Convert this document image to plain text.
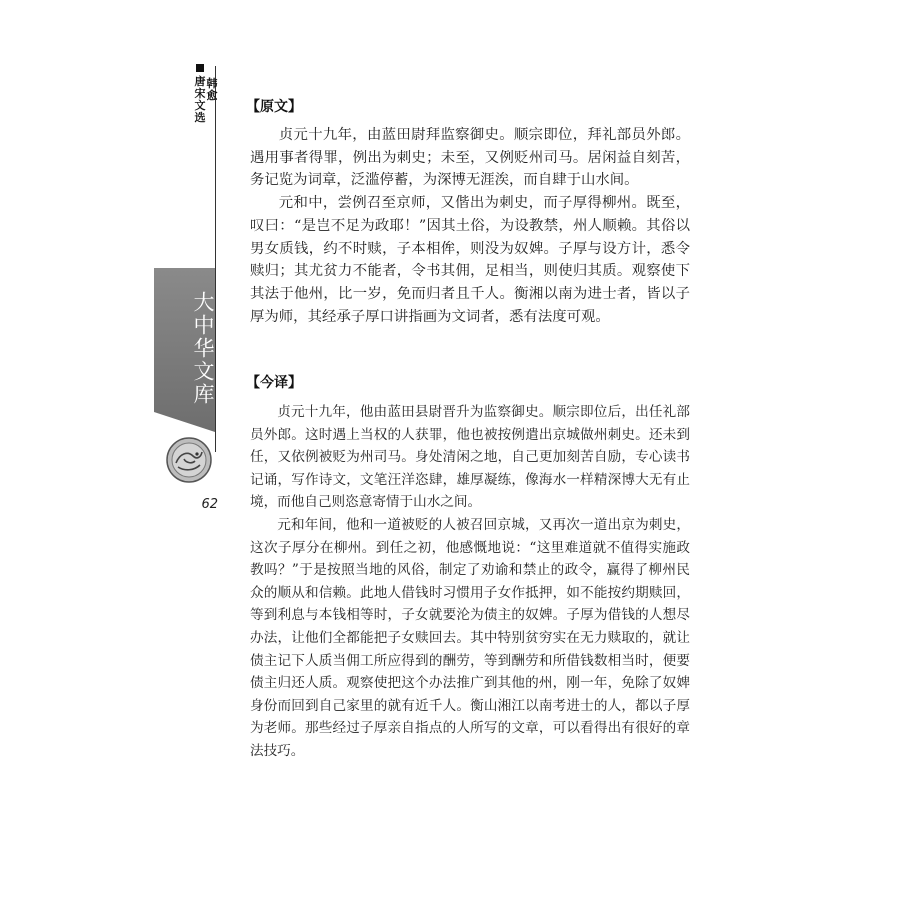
韩愈
唐宋文选
大中华文库
62
【原文】

贞元十九年，由蓝田尉拜监察御史。顺宗即位，拜礼部员外郎。遇用事者得罪，例出为刺史；未至，又例贬州司马。居闲益自刻苦，务记览为词章，泛滥停蓄，为深博无涯涘，而自肆于山水间。

元和中，尝例召至京师，又偕出为刺史，而子厚得柳州。既至，叹曰：“是岂不足为政耶！”因其土俗，为设教禁，州人顺赖。其俗以男女质钱，约不时赎，子本相侔，则没为奴婢。子厚与设方计，悉令赎归；其尤贫力不能者，令书其佣，足相当，则使归其质。观察使下其法于他州，比一岁，免而归者且千人。衡湘以南为进士者，皆以子厚为师，其经承子厚口讲指画为文词者，悉有法度可观。

【今译】

贞元十九年，他由蓝田县尉晋升为监察御史。顺宗即位后，出任礼部员外郎。这时遇上当权的人获罪，他也被按例遣出京城做州刺史。还未到任，又依例被贬为州司马。身处清闲之地，自己更加刻苦自励，专心读书记诵，写作诗文，文笔汪洋恣肆，雄厚凝练，像海水一样精深博大无有止境，而他自己则恣意寄情于山水之间。

元和年间，他和一道被贬的人被召回京城，又再次一道出京为刺史，这次子厚分在柳州。到任之初，他感慨地说：“这里难道就不值得实施政教吗？”于是按照当地的风俗，制定了劝谕和禁止的政令，赢得了柳州民众的顺从和信赖。此地人借钱时习惯用子女作抵押，如不能按约期赎回，等到利息与本钱相等时，子女就要沦为债主的奴婢。子厚为借钱的人想尽办法，让他们全都能把子女赎回去。其中特别贫穷实在无力赎取的，就让债主记下人质当佣工所应得到的酬劳，等到酬劳和所借钱数相当时，便要债主归还人质。观察使把这个办法推广到其他的州，刚一年，免除了奴婢身份而回到自己家里的就有近千人。衡山湘江以南考进士的人，都以子厚为老师。那些经过子厚亲自指点的人所写的文章，可以看得出有很好的章法技巧。
